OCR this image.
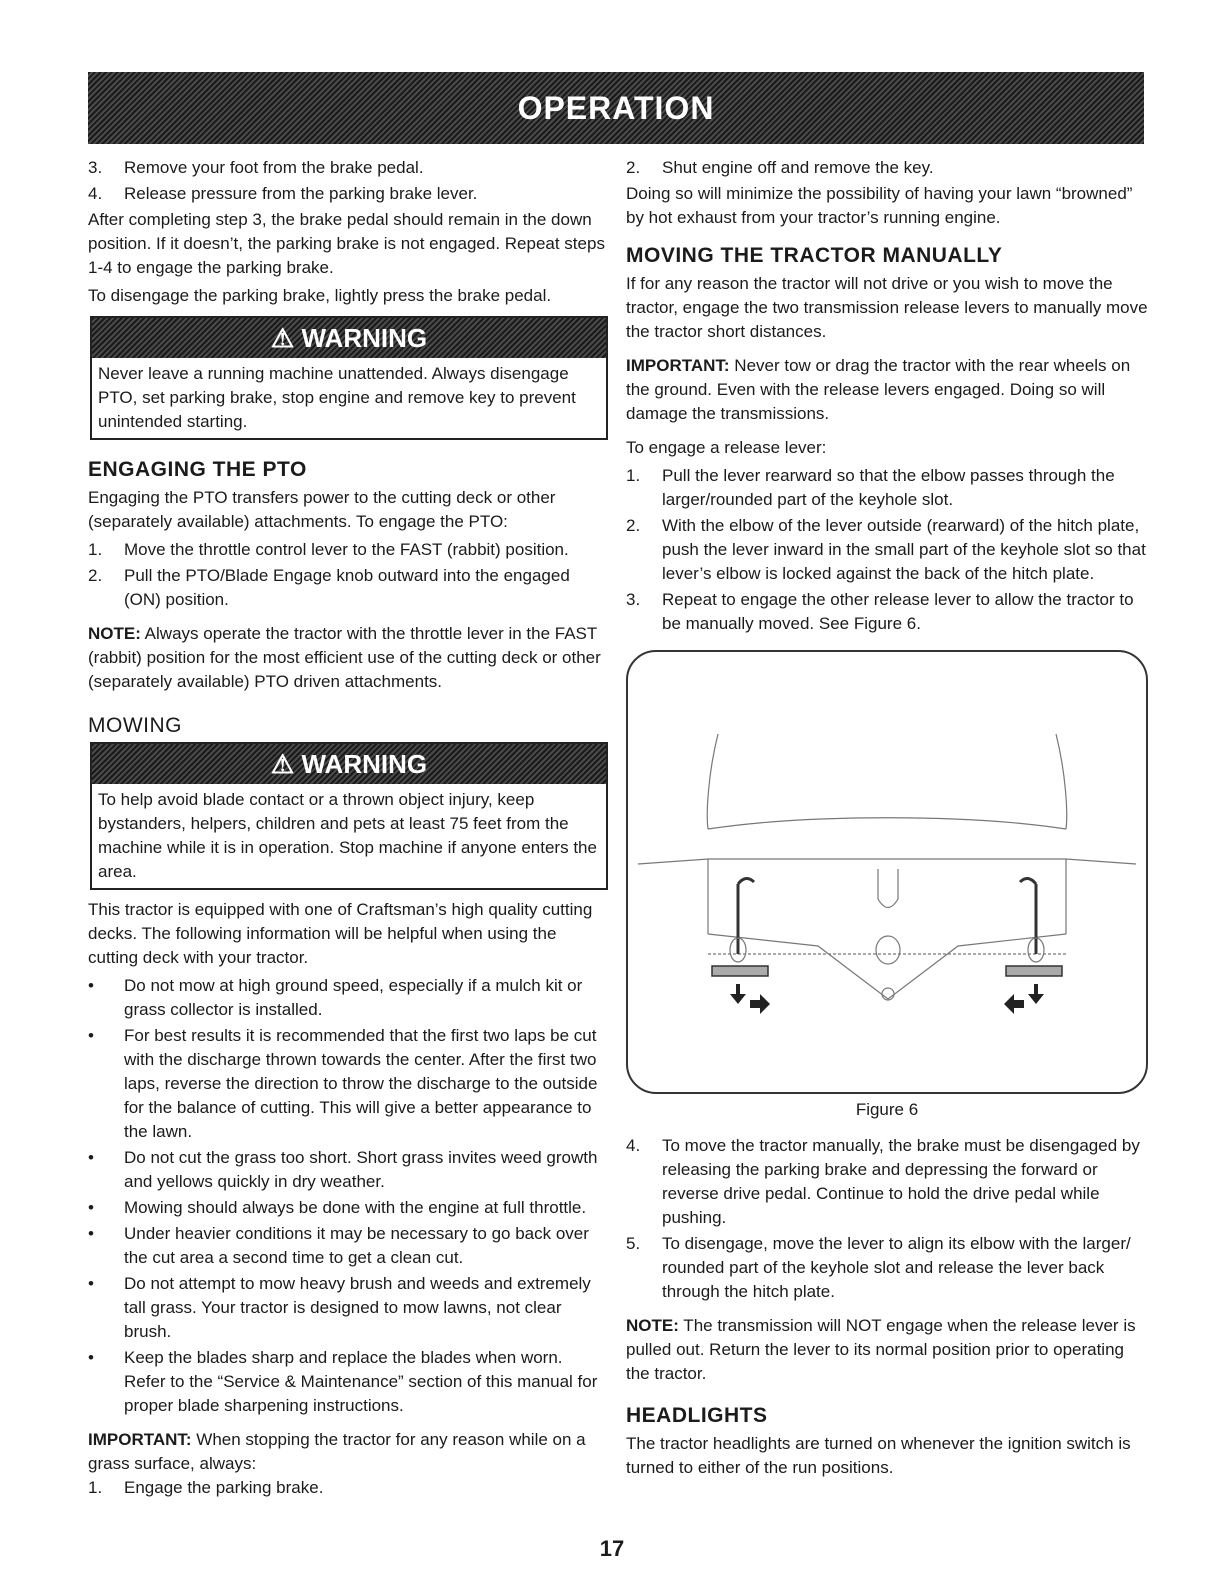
OPERATION
3.	Remove your foot from the brake pedal.
4.	Release pressure from the parking brake lever.

After completing step 3, the brake pedal should remain in the down position. If it doesn’t, the parking brake is not engaged. Repeat steps 1-4 to engage the parking brake.

To disengage the parking brake, lightly press the brake pedal.

⚠ WARNING
Never leave a running machine unattended. Always disengage PTO, set parking brake, stop engine and remove key to prevent unintended starting.
ENGAGING THE PTO

Engaging the PTO transfers power to the cutting deck or other (separately available) attachments. To engage the PTO:

1.	Move the throttle control lever to the FAST (rabbit) position.
2.	Pull the PTO/Blade Engage knob outward into the engaged (ON) position.

NOTE: Always operate the tractor with the throttle lever in the FAST (rabbit) position for the most efficient use of the cutting deck or other (separately available) PTO driven attachments.

MOWING
⚠ WARNING
To help avoid blade contact or a thrown object injury, keep bystanders, helpers, children and pets at least 75 feet from the machine while it is in operation. Stop machine if anyone enters the area.

This tractor is equipped with one of Craftsman’s high quality cutting decks. The following information will be helpful when using the cutting deck with your tractor.

•	Do not mow at high ground speed, especially if a mulch kit or grass collector is installed.
•	For best results it is recommended that the first two laps be cut with the discharge thrown towards the center. After the first two laps, reverse the direction to throw the discharge to the outside for the balance of cutting. This will give a better appearance to the lawn.
•	Do not cut the grass too short. Short grass invites weed growth and yellows quickly in dry weather.
•	Mowing should always be done with the engine at full throttle.
•	Under heavier conditions it may be necessary to go back over the cut area a second time to get a clean cut.
•	Do not attempt to mow heavy brush and weeds and extremely tall grass. Your tractor is designed to mow lawns, not clear brush.
•	Keep the blades sharp and replace the blades when worn. Refer to the “Service & Maintenance” section of this manual for proper blade sharpening instructions.

IMPORTANT: When stopping the tractor for any reason while on a grass surface, always:

1.	Engage the parking brake.
2.	Shut engine off and remove the key.

Doing so will minimize the possibility of having your lawn “browned” by hot exhaust from your tractor’s running engine.

MOVING THE TRACTOR MANUALLY

If for any reason the tractor will not drive or you wish to move the tractor, engage the two transmission release levers to manually move the tractor short distances.

IMPORTANT: Never tow or drag the tractor with the rear wheels on the ground. Even with the release levers engaged. Doing so will damage the transmissions.

To engage a release lever:

1.	Pull the lever rearward so that the elbow passes through the larger/rounded part of the keyhole slot.
2.	With the elbow of the lever outside (rearward) of the hitch plate, push the lever inward in the small part of the keyhole slot so that lever’s elbow is locked against the back of the hitch plate.
3.	Repeat to engage the other release lever to allow the tractor to be manually moved. See Figure 6.
Figure 6
4.	To move the tractor manually, the brake must be disengaged by releasing the parking brake and depressing the forward or reverse drive pedal. Continue to hold the drive pedal while pushing.
5.	To disengage, move the lever to align its elbow with the larger/ rounded part of the keyhole slot and release the lever back through the hitch plate.

NOTE: The transmission will NOT engage when the release lever is pulled out. Return the lever to its normal position prior to operating the tractor.

HEADLIGHTS

The tractor headlights are turned on whenever the ignition switch is turned to either of the run positions.

17
